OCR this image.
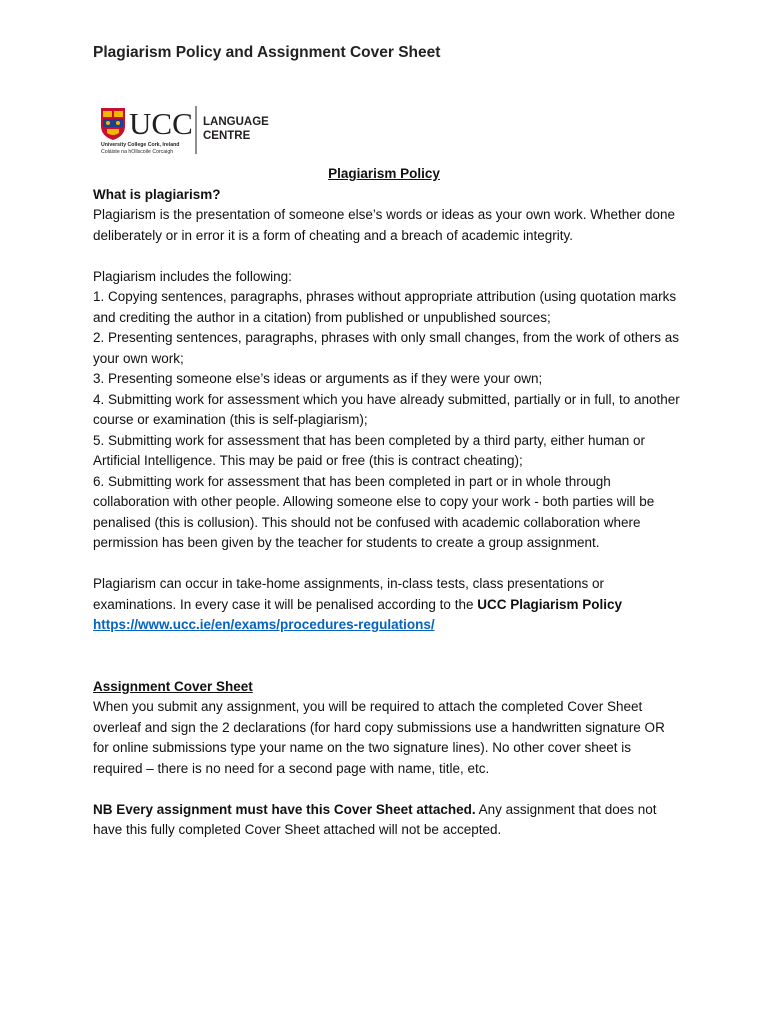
Plagiarism Policy and Assignment Cover Sheet
UCC
University College Cork, Ireland
Coláiste na hOllscoile Corcaigh
LANGUAGE
CENTRE

Plagiarism Policy

What is plagiarism?

Plagiarism is the presentation of someone else’s words or ideas as your own work. Whether done deliberately or in error it is a form of cheating and a breach of academic integrity.

Plagiarism includes the following:

1. Copying sentences, paragraphs, phrases without appropriate attribution (using quotation marks and crediting the author in a citation) from published or unpublished sources;
2. Presenting sentences, paragraphs, phrases with only small changes, from the work of others as your own work;
3. Presenting someone else’s ideas or arguments as if they were your own;
4. Submitting work for assessment which you have already submitted, partially or in full, to another course or examination (this is self-plagiarism);
5. Submitting work for assessment that has been completed by a third party, either human or Artificial Intelligence. This may be paid or free (this is contract cheating);
6. Submitting work for assessment that has been completed in part or in whole through collaboration with other people. Allowing someone else to copy your work - both parties will be penalised (this is collusion). This should not be confused with academic collaboration where permission has been given by the teacher for students to create a group assignment.

Plagiarism can occur in take-home assignments, in-class tests, class presentations or examinations. In every case it will be penalised according to the UCC Plagiarism Policy

https://www.ucc.ie/en/exams/procedures-regulations/

Assignment Cover Sheet

When you submit any assignment, you will be required to attach the completed Cover Sheet overleaf and sign the 2 declarations (for hard copy submissions use a handwritten signature OR for online submissions type your name on the two signature lines). No other cover sheet is required – there is no need for a second page with name, title, etc.

NB Every assignment must have this Cover Sheet attached. Any assignment that does not have this fully completed Cover Sheet attached will not be accepted.
